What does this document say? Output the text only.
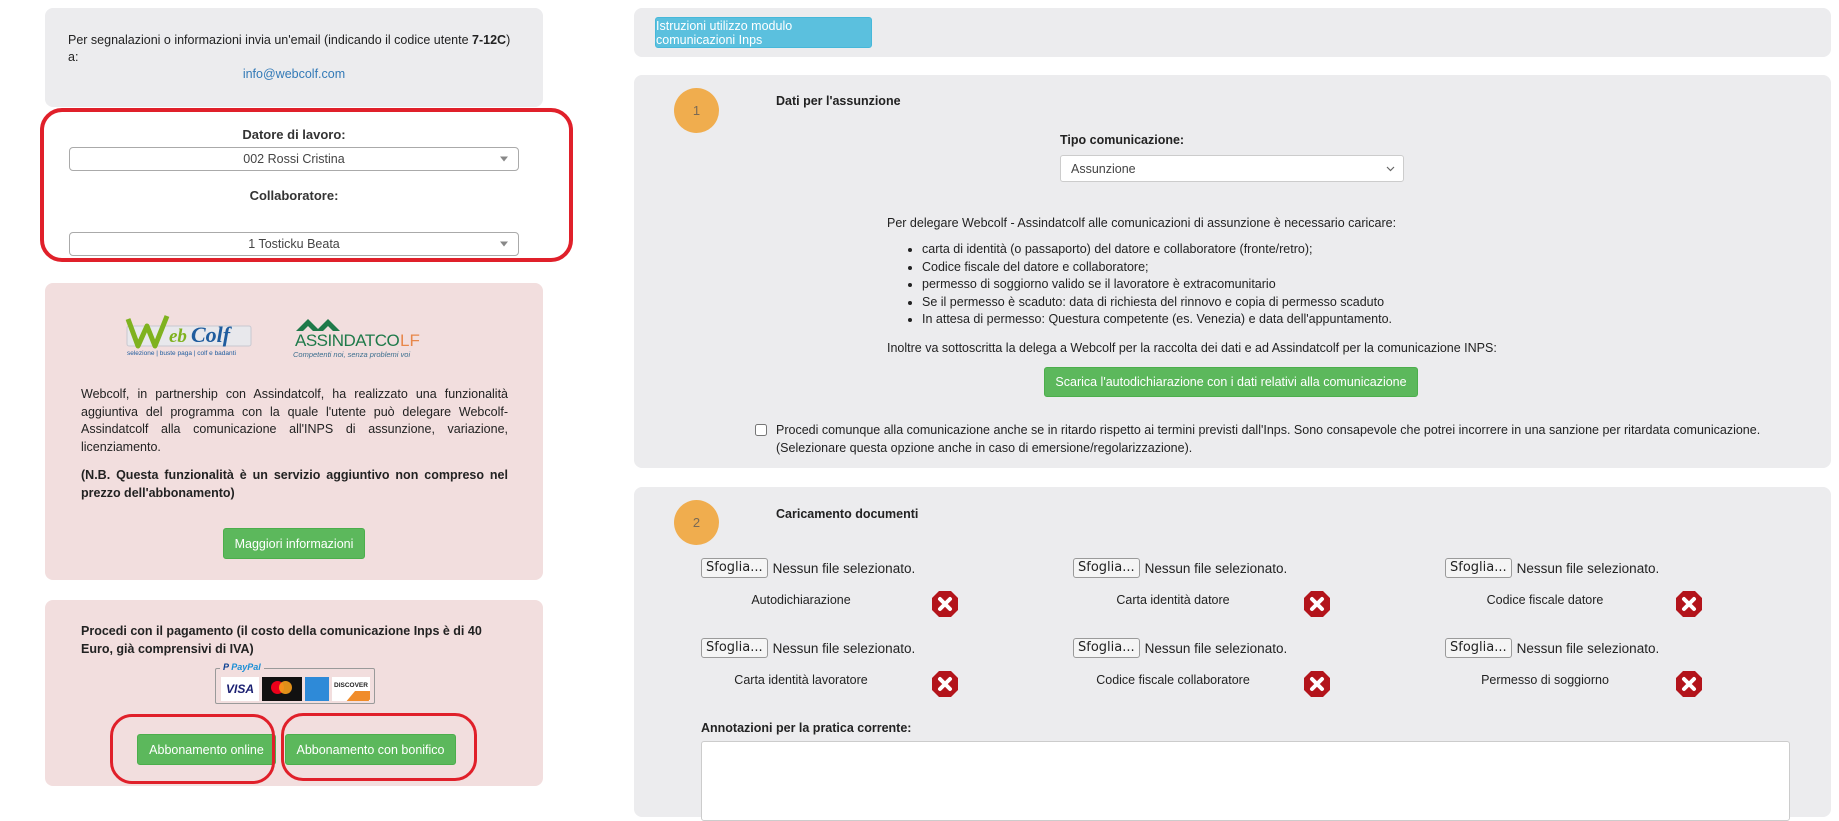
Per segnalazioni o informazioni invia un'email (indicando il codice utente 7-12C)
a:
info@webcolf.com
Datore di lavoro:
002 Rossi Cristina
Collaboratore:
1 Tosticku Beata
eb Colf
selezione | buste paga | colf e badanti
ASSINDATCO LF
Competenti noi, senza problemi voi
Webcolf, in partnership con Assindatcolf, ha realizzato una funzionalità aggiuntiva del programma con la quale l'utente può delegare Webcolf-Assindatcolf alla comunicazione all'INPS di assunzione, variazione, licenziamento.
(N.B. Questa funzionalità è un servizio aggiuntivo non compreso nel prezzo dell'abbonamento)
Maggiori informazioni
Procedi con il pagamento (il costo della comunicazione Inps è di 40 Euro, già comprensivi di IVA)
P PayPal
VISA	DISCOVER
Abbonamento online	Abbonamento con bonifico
Istruzioni utilizzo modulo comunicazioni Inps
1
Dati per l'assunzione
Tipo comunicazione:
Assunzione
Per delegare Webcolf - Assindatcolf alle comunicazioni di assunzione è necessario caricare:
• carta di identità (o passaporto) del datore e collaboratore (fronte/retro);
• Codice fiscale del datore e collaboratore;
• permesso di soggiorno valido se il lavoratore è extracomunitario
• Se il permesso è scaduto: data di richiesta del rinnovo e copia di permesso scaduto
• In attesa di permesso: Questura competente (es. Venezia) e data dell'appuntamento.
Inoltre va sottoscritta la delega a Webcolf per la raccolta dei dati e ad Assindatcolf per la comunicazione INPS:
Scarica l'autodichiarazione con i dati relativi alla comunicazione
Procedi comunque alla comunicazione anche se in ritardo rispetto ai termini previsti dall'Inps. Sono consapevole che potrei incorrere in una sanzione per ritardata comunicazione.
(Selezionare questa opzione anche in caso di emersione/regolarizzazione).
2
Caricamento documenti
Sfoglia... Nessun file selezionato.
Autodichiarazione
Sfoglia... Nessun file selezionato.
Carta identità datore
Sfoglia... Nessun file selezionato.
Codice fiscale datore
Sfoglia... Nessun file selezionato.
Carta identità lavoratore
Sfoglia... Nessun file selezionato.
Codice fiscale collaboratore
Sfoglia... Nessun file selezionato.
Permesso di soggiorno
Annotazioni per la pratica corrente:
